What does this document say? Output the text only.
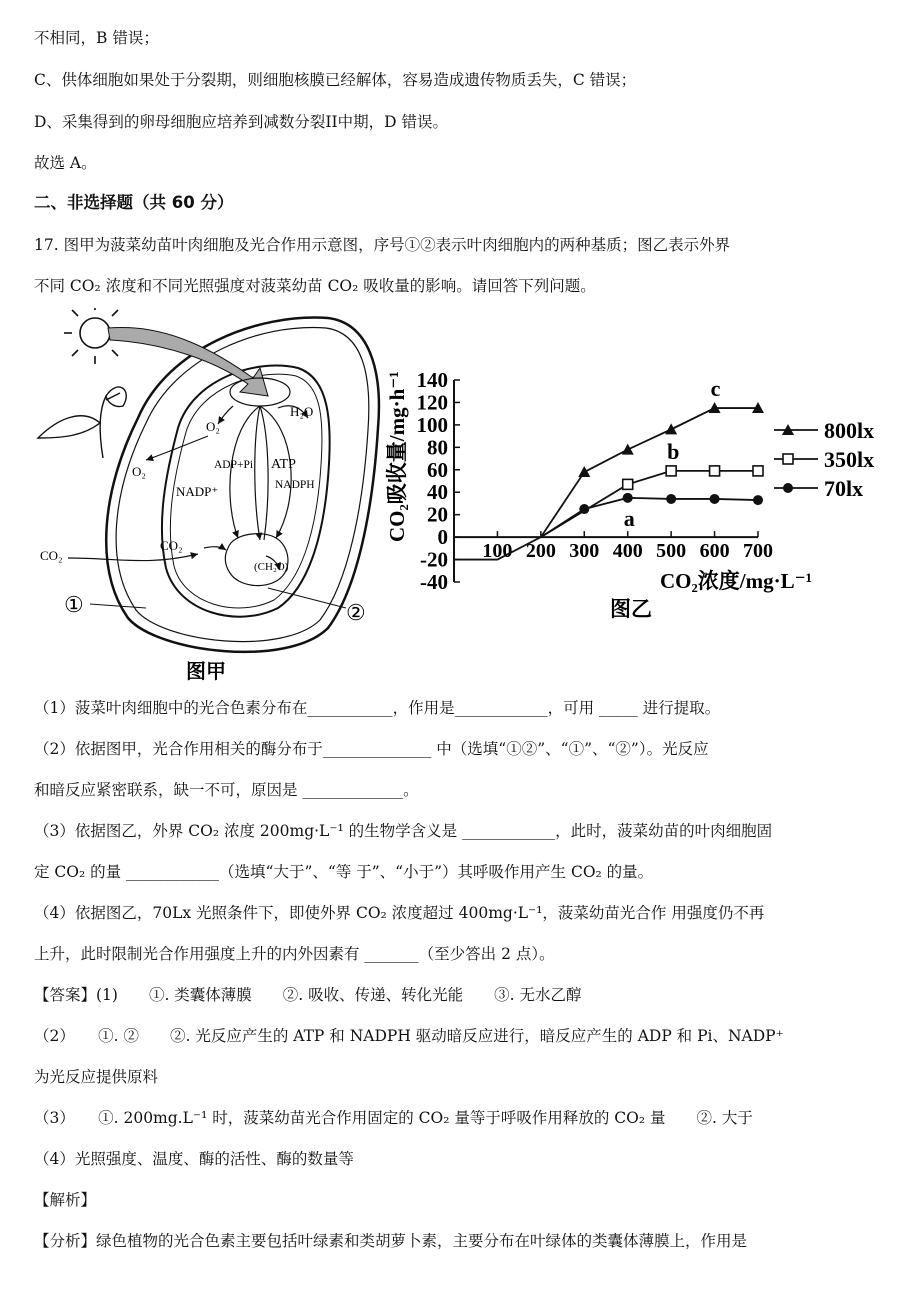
不相同，B 错误；
C、供体细胞如果处于分裂期，则细胞核膜已经解体，容易造成遗传物质丢失，C 错误；
D、采集得到的卵母细胞应培养到减数分裂II中期，D 错误。
故选 A。
二、非选择题（共 60 分）
17. 图甲为菠菜幼苗叶肉细胞及光合作用示意图，序号①②表示叶肉细胞内的两种基质；图乙表示外界
不同 CO₂ 浓度和不同光照强度对菠菜幼苗 CO₂ 吸收量的影响。请回答下列问题。
H₂O
O₂
O₂	ADP+Pi ATP
NADP⁺	NADPH
CO₂
CO₂
(CH₂O)
①	②
图甲
CO₂吸收量/mg·h⁻¹
CO₂浓度/mg·L⁻¹
图乙
140
120
100
80
60
40
20
0
-20
-40
100 200 300 400 500 600 700
c
800lx
b	350lx
a
70lx
（1）菠菜叶肉细胞中的光合色素分布在___________，作用是____________，可用 _____ 进行提取。
（2）依据图甲，光合作用相关的酶分布于______________ 中（选填“①②”、“①”、“②”）。光反应
和暗反应紧密联系，缺一不可，原因是 _____________。
（3）依据图乙，外界 CO₂ 浓度 200mg·L⁻¹ 的生物学含义是 ____________，此时，菠菜幼苗的叶肉细胞固
定 CO₂ 的量 ____________（选填“大于”、“等 于”、“小于”）其呼吸作用产生 CO₂ 的量。
（4）依据图乙，70Lx 光照条件下，即使外界 CO₂ 浓度超过 400mg·L⁻¹，菠菜幼苗光合作 用强度仍不再
上升，此时限制光合作用强度上升的内外因素有 _______（至少答出 2 点）。
【答案】(1)　　①. 类囊体薄膜　　②. 吸收、传递、转化光能　　③. 无水乙醇
（2）　　①. ②　　②. 光反应产生的 ATP 和 NADPH 驱动暗反应进行，暗反应产生的 ADP 和 Pi、NADP⁺
为光反应提供原料
（3）　　①. 200mg.L⁻¹ 时，菠菜幼苗光合作用固定的 CO₂ 量等于呼吸作用释放的 CO₂ 量　　②. 大于
（4）光照强度、温度、酶的活性、酶的数量等
【解析】
【分析】绿色植物的光合色素主要包括叶绿素和类胡萝卜素，主要分布在叶绿体的类囊体薄膜上，作用是
